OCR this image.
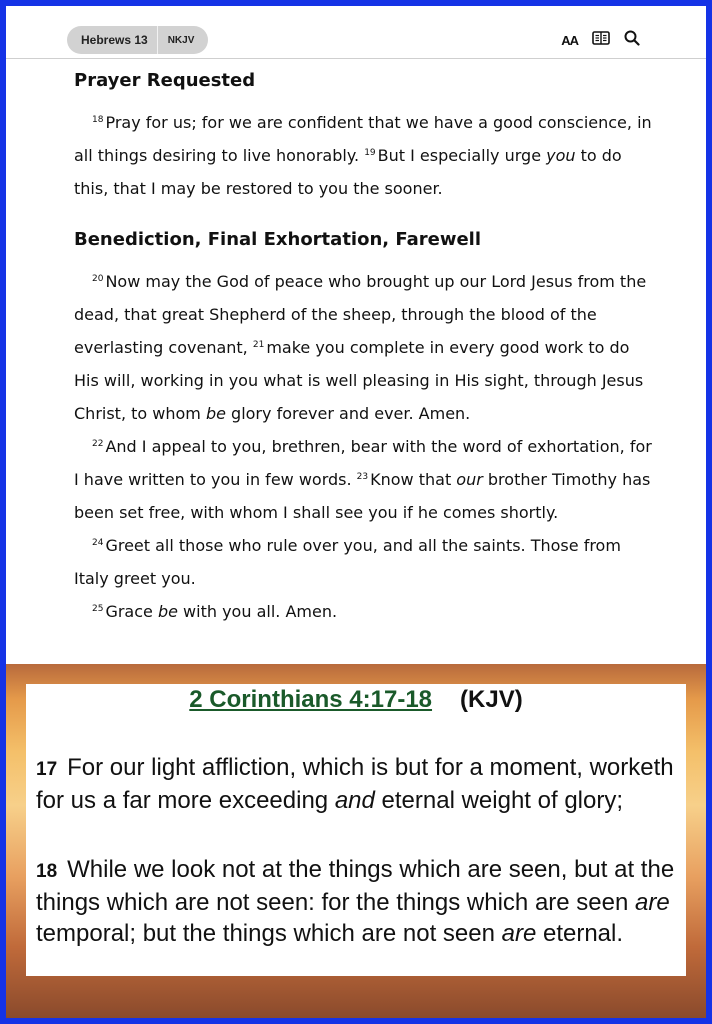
Hebrews 13	NKJV	AA
Prayer Requested

$^{18}$ Pray for us; for we are confident that we have a good conscience, in all things desiring to live honorably. $^{19}$ But I especially urge you to do this, that I may be restored to you the sooner.

Benediction, Final Exhortation, Farewell

$^{20}$ Now may the God of peace who brought up our Lord Jesus from the dead, that great Shepherd of the sheep, through the blood of the everlasting covenant, $^{21}$ make you complete in every good work to do His will, working in you what is well pleasing in His sight, through Jesus Christ, to whom be glory forever and ever. Amen.

$^{22}$ And I appeal to you, brethren, bear with the word of exhortation, for I have written to you in few words. $^{23}$ Know that our brother Timothy has been set free, with whom I shall see you if he comes shortly.

$^{24}$ Greet all those who rule over you, and all the saints. Those from Italy greet you.

$^{25}$ Grace be with you all. Amen.

2 Corinthians 4:17-18 (KJV)
17 For our light affliction, which is but for a moment, worketh for us a far more exceeding and eternal weight of glory;
18 While we look not at the things which are seen, but at the things which are not seen: for the things which are seen are temporal; but the things which are not seen are eternal.
